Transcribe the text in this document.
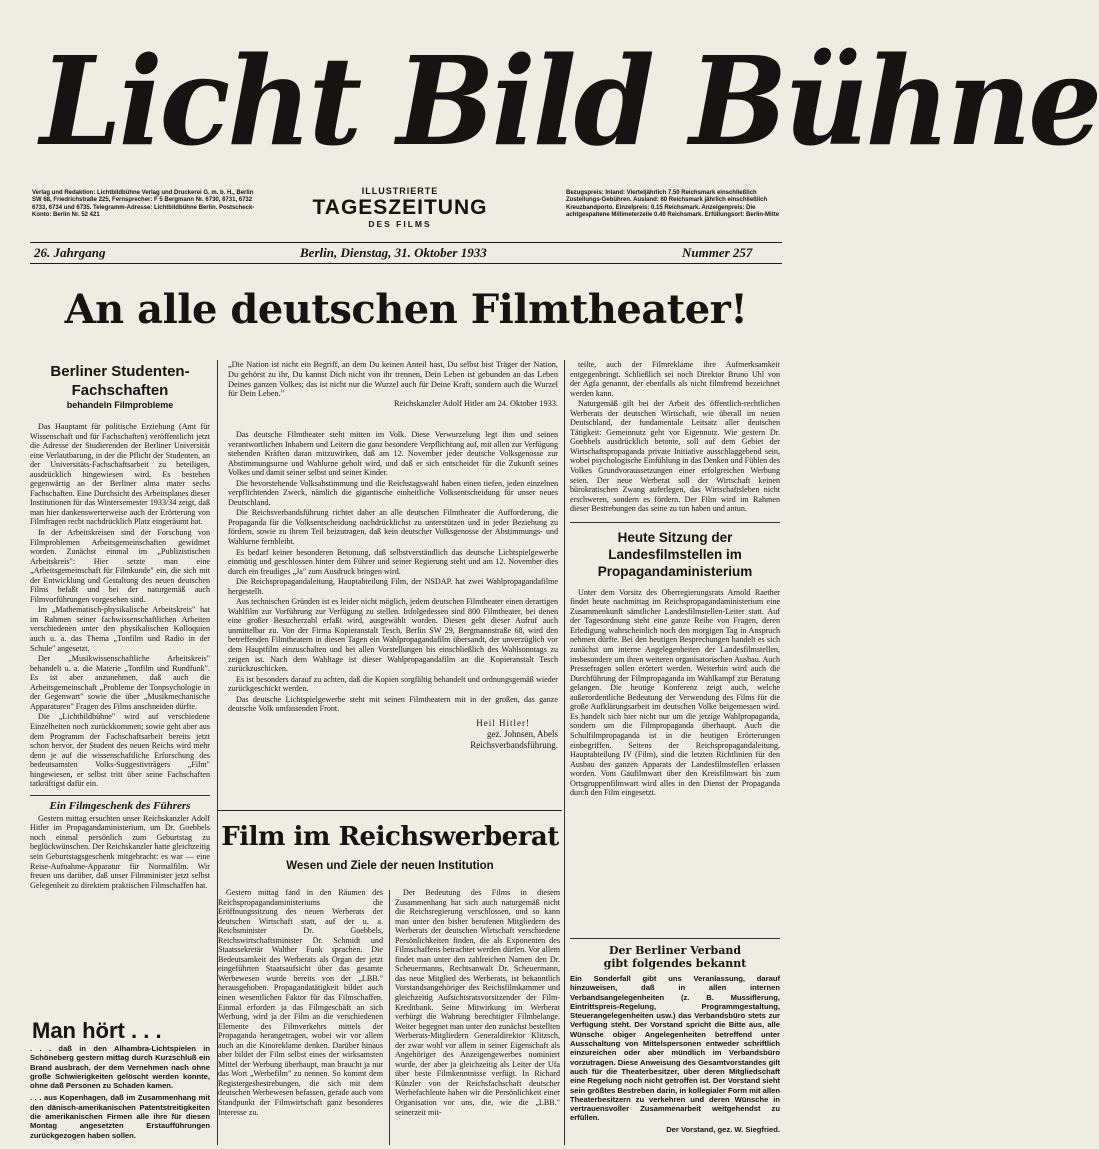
Licht Bild Bühne
Verlag und Redaktion: Lichtbildbühne Verlag und Druckerei G. m. b. H., Berlin SW 68, Friedrichstraße 225, Fernsprecher: F 5 Bergmann Nr. 6730, 6731, 6732 6733, 6734 und 6735. Telegramm-Adresse: Lichtbildbühne Berlin. Postscheck-Konto: Berlin Nr. 52 421
ILLUSTRIERTE
TAGESZEITUNG
DES FILMS
Bezugspreis: Inland: Vierteljährlich 7.50 Reichsmark einschließlich Zustellungs-Gebühren. Ausland: 60 Reichsmark jährlich einschließlich Kreuzbandporto. Einzelpreis: 0.15 Reichsmark. Anzeigenpreis: Die achtgespaltene Millimeterzeile 0.40 Reichsmark. Erfüllungsort: Berlin-Mitte
26. Jahrgang	Berlin, Dienstag, 31. Oktober 1933	Nummer 257
An alle deutschen Filmtheater!
Berliner Studenten-Fachschaften
behandeln Filmprobleme

Das Hauptamt für politische Erziehung (Amt für Wissenschaft und für Fachschaften) veröffentlicht jetzt die Adresse der Studierenden der Berliner Universität eine Verlautbarung, in der die Pflicht der Studenten, an der Universitäts-Fachschaftsarbeit zu beteiligen, ausdrücklich hingewiesen wird. Es bestehen gegenwärtig an der Berliner alma mater sechs Fachschaften. Eine Durchsicht des Arbeitsplanes dieser Institutionen für das Wintersemester 1933/34 zeigt, daß man hier dankenswerterweise auch der Erörterung von Filmfragen recht nachdrücklich Platz eingeräumt hat.

In der Arbeitskreisen sind der Forschung von Filmproblemen Arbeitsgemeinschaften gewidmet worden. Zunächst einmal im „Publizistischen Arbeitskreis": Hier setzte man eine „Arbeitsgemeinschaft für Filmkunde" ein, die sich mit der Entwicklung und Gestaltung des neuen deutschen Films befaßt und bei der naturgemäß auch Filmvorführungen vorgesehen sind.

Im „Mathematisch-physikalische Arbeitskreis" hat im Rahmen seiner fachwissenschaftlichen Arbeiten verschiedenen unter den physikalischen Kolloquien auch u. a. das Thema „Tonfilm und Radio in der Schule" angesetzt.

Der „Musikwissenschaftliche Arbeitskreis" behandelt u. a. die Materie „Tonfilm und Rundfunk". Es ist aber anzunehmen, daß auch die Arbeitsgemeinschaft „Probleme der Tonpsychologie in der Gegenwart" sowie die über „Musikmechanische Apparaturen" Fragen des Films anschneiden dürfte.

Die „Lichtbildbühne" wird auf verschiedene Einzelheiten noch zurückkommen; sowie geht aber aus dem Programm der Fachschaftsarbeit bereits jetzt schon hervor, der Student des neuen Reichs wird mehr denn je auf die wissenschaftliche Erforschung des bedeutsamsten Volks-Suggestivträgers „Film" hingewiesen, er selbst tritt über seine Fachschaften tatkräftigst dafür ein.

Ein Filmgeschenk des Führers

Gestern mittag ersuchten unser Reichskanzler Adolf Hitler im Propagandaministerium, um Dr. Goebbels noch einmal persönlich zum Geburtstag zu beglückwünschen. Der Reichskanzler hatte gleichzeitig sein Geburtstagsgeschenk mitgebracht: es war — eine Reise-Aufnahme-Apparatur für Normalfilm. Wir freuen uns darüber, daß unser Filmminister jetzt selbst Gelegenheit zu direktem praktischen Filmschaffen hat.

Man hört . . .

. . . daß in den Alhambra-Lichtspielen in Schöneberg gestern mittag durch Kurzschluß ein Brand ausbrach, der dem Vernehmen nach ohne große Schwierigkeiten gelöscht werden konnte, ohne daß Personen zu Schaden kamen.

. . . aus Kopenhagen, daß im Zusammenhang mit den dänisch-amerikanischen Patentstreitigkeiten die amerikanischen Firmen alle ihre für diesen Montag angesetzten Erstaufführungen zurückgezogen haben sollen.

„Die Nation ist nicht ein Begriff, an dem Du keinen Anteil hast, Du selbst bist Träger der Nation, Du gehörst zu ihr, Du kannst Dich nicht von ihr trennen, Dein Leben ist gebunden an das Leben Deines ganzen Volkes; das ist nicht nur die Wurzel auch für Deine Kraft, sondern auch die Wurzel für Dein Leben."
Reichskanzler Adolf Hitler am 24. Oktober 1933.

Das deutsche Filmtheater steht mitten im Volk. Diese Verwurzelung legt ihm und seinen verantwortlichen Inhabern und Leitern die ganz besondere Verpflichtung auf, mit allen zur Verfügung stehenden Kräften daran mitzuwirken, daß am 12. November jeder deutsche Volksgenosse zur Abstimmungsurne und Wahlurne geholt wird, und daß er sich entscheidet für die Zukunft seines Volkes und damit seiner selbst und seiner Kinder.

Die bevorstehende Volksabstimmung und die Reichstagswahl haben einen tiefen, jeden einzelnen verpflichtenden Zweck, nämlich die gigantische einheitliche Volksentscheidung für unser neues Deutschland.

Die Reichsverbandsführung richtet daher an alle deutschen Filmtheater die Aufforderung, die Propaganda für die Volksentscheidung nachdrücklichst zu unterstützen und in jeder Beziehung zu fördern, sowie zu ihrem Teil beizutragen, daß kein deutscher Volksgenosse der Abstimmungs- und Wahlurne fernbleibt.

Es bedarf keiner besonderen Betonung, daß selbstverständlich das deutsche Lichtspielgewerbe einmütig und geschlossen hinter dem Führer und seiner Regierung steht und am 12. November dies durch ein freudiges „Ja" zum Ausdruck bringen wird.

Die Reichspropagandaleitung, Hauptabteilung Film, der NSDAP. hat zwei Wahlpropagandafilme hergestellt.

Aus technischen Gründen ist es leider nicht möglich, jedem deutschen Filmtheater einen derartigen Wahlfilm zur Vorführung zur Verfügung zu stellen. Infolgedessen sind 800 Filmtheater, bei denen eine großer Besucherzahl erfaßt wird, ausgewählt worden. Diesen geht dieser Aufruf auch unmittelbar zu. Von der Firma Kopieranstalt Tesch, Berlin SW 29, Bergmannstraße 68, wird den betreffenden Filmtheatern in diesen Tagen ein Wahlpropagandafilm übersandt, der unverzüglich vor dem Hauptfilm einzuschalten und bei allen Vorstellungen bis einschließlich des Wahlsonntags zu zeigen ist. Nach dem Wahltage ist dieser Wahlpropagandafilm an die Kopieranstalt Tesch zurückzuschicken.

Es ist besonders darauf zu achten, daß die Kopien sorgfältig behandelt und ordnungsgemäß wieder zurückgeschickt werden.

Das deutsche Lichtspielgewerbe steht mit seinen Filmtheatern mit in der großen, das ganze deutsche Volk umfassenden Front.

Heil Hitler!
gez. Johnsen, Abels
Reichsverbandsführung.
Film im Reichswerberat
Wesen und Ziele der neuen Institution

Gestern mittag fand in den Räumen des Reichspropagandaministeriums die Eröffnungssitzung des neuen Werberats der deutschen Wirtschaft statt, auf der u. a. Reichsminister Dr. Goebbels, Reichswirtschaftsminister Dr. Schmidt und Staatssekretär Walther Funk sprachen. Die Bedeutsamkeit des Werberats als Organ der jetzt eingeführten Staatsaufsicht über das gesamte Werbewesen wurde bereits von der „LBB." herausgehoben. Propagandatätigkeit bildet auch einen wesentlichen Faktor für das Filmschaffen. Einmal erfordert ja das Filmgeschäft an sich Werbung, wird ja der Film an die verschiedenen Elemente des Filmverkehrs mittels der Propaganda herangetragen, wobei wir vor allem auch an die Kinoreklame denken. Darüber hinaus aber bildet der Film selbst eines der wirksamsten Mittel der Werbung überhaupt, man braucht ja nur das Wort „Werbefilm" zu nennen. So kommt dem Registergesbestrebungen, die sich mit dem deutschen Werbewesen befassen, gerade auch vom Standpunkt der Filmwirtschaft ganz besonderes Interesse zu.

Der Bedeutung des Films in diesem Zusammenhang hat sich auch naturgemäß nicht die Reichsregierung verschlossen, und so kann man unter den bisher berufenen Mitgliedern des Werberats der deutschen Wirtschaft verschiedene Persönlichkeiten finden, die als Exponenten des Filmschaffens betrachtet werden dürfen. Vor allem findet man unter den zahlreichen Namen den Dr. Scheuermanns, Rechtsanwalt Dr. Scheuermann, das neue Mitglied des Werberats, ist bekanntlich Vorstandsangehöriger des Reichsfilmkammer und gleichzeitig Aufsichtsratsvorsitzender der Film-Kreditbank. Seine Mitwirkung im Werberat verbürgt die Wahrung berechtigter Filmbelange. Weiter begegnet man unter den zunächst bestellten Werberats-Mitgliedern Generaldirektor Klitzsch, der zwar wohl vor allem in seiner Eigenschaft als Angehöriger des Anzeigengewerbes nominiert wurde, der aber ja gleichzeitig als Leiter der Ufa über beste Filmkenntnisse verfügt. In Richard Künzler von der Reichsfachschaft deutscher Werbefachleute haben wir die Persönlichkeit einer Organisation vor uns, die, wie die „LBB." seinerzeit mit-

teilte, auch der Filmreklame ihre Aufmerksamkeit entgegenbringt. Schließlich sei noch Direktor Bruno Uhl von der Agfa genannt, der ebenfalls als nicht filmfremd bezeichnet werden kann.

Naturgemäß gilt bei der Arbeit des öffentlich-rechtlichen Werberats der deutschen Wirtschaft, wie überall im neuen Deutschland, der fundamentale Leitsatz aller deutschen Tätigkeit: Gemeinnutz geht vor Eigennutz. Wie gestern Dr. Goebbels ausdrücklich betonte, soll auf dem Gebiet der Wirtschaftspropaganda private Initiative ausschlaggebend sein, wobei psychologische Einfühlung in das Denken und Fühlen des Volkes Grundvoraussetzungen einer erfolgreichen Werbung seien. Der neue Werberat soll der Wirtschaft keinen bürokratischen Zwang auferlegen, das Wirtschaftsleben nicht erschweren, sondern es fördern. Der Film wird im Rahmen dieser Bestrebungen das seine zu tun haben und antun.

Heute Sitzung der Landesfilmstellen im Propagandaministerium

Unter dem Vorsitz des Oberregierungsrats Arnold Raether findet heute nachmittag im Reichspropagandaministerium eine Zusammenkunft sämtlicher Landesfilmstellen-Leiter statt. Auf der Tagesordnung steht eine ganze Reihe von Fragen, deren Erledigung wahrscheinlich noch den morgigen Tag in Anspruch nehmen dürfte. Bei den heutigen Besprechungen handelt es sich zunächst um interne Angelegenheiten der Landesfilmstellen, insbesondere um ihren weiteren organisatorischen Ausbau. Auch Pressefragen sollen erörtert werden. Weiterhin wird auch die Durchführung der Filmpropaganda im Wahlkampf zur Beratung gelangen. Die heutige Konferenz zeigt auch, welche außerordentliche Bedeutung der Verwendung des Films für die große Aufklärungsarbeit im deutschen Volke beigemessen wird. Es handelt sich hier nicht nur um die jetzige Wahlpropaganda, sondern um die Filmpropaganda überhaupt. Auch die Schulfilmpropaganda ist in die heutigen Erörterungen einbegriffen. Seitens der Reichspropagandaleitung, Hauptabteilung IV (Film), sind die letzten Richtlinien für den Ausbau des ganzen Apparats der Landesfilmstellen erlassen worden. Vom Gaufilmwart über den Kreisfilmwart bis zum Ortsgruppenfilmwart wird alles in den Dienst der Propaganda durch den Film eingesetzt.

Der Berliner Verband
gibt folgendes bekannt
Ein Sonderfall gibt uns Veranlassung, darauf hinzuweisen, daß in allen internen Verbandsangelegenheiten (z. B. Mussiflerung, Eintrittspreis-Regelung, Programmgestaltung, Steuerangelegenheiten usw.) das Verbandsbüro stets zur Verfügung steht. Der Vorstand spricht die Bitte aus, alle Wünsche obiger Angelegenheiten betreffend unter Ausschaltung von Mittelspersonen entweder schriftlich einzureichen oder aber mündlich im Verbandsbüro vorzutragen. Diese Anweisung des Gesamtvorstandes gilt auch für die Theaterbesitzer, über deren Mitgliedschaft eine Regelung noch nicht getroffen ist. Der Vorstand sieht sein größtes Bestreben darin, in kollegialer Form mit allen Theaterbesitzern zu verkehren und deren Wünsche in vertrauensvoller Zusammenarbeit weitgehendst zu erfüllen.
Der Vorstand, gez. W. Siegfried.
